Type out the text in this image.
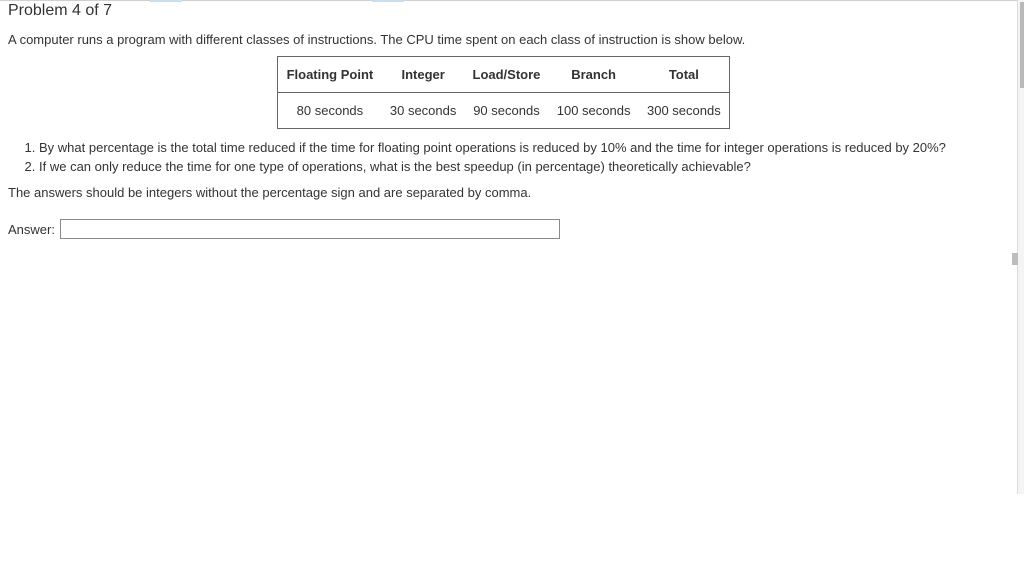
Problem 4 of 7
A computer runs a program with different classes of instructions. The CPU time spent on each class of instruction is show below.
Floating Point	Integer	Load/Store	Branch	Total
80 seconds	30 seconds	90 seconds	100 seconds	300 seconds
1. By what percentage is the total time reduced if the time for floating point operations is reduced by 10% and the time for integer operations is reduced by 20%?
2. If we can only reduce the time for one type of operations, what is the best speedup (in percentage) theoretically achievable?
The answers should be integers without the percentage sign and are separated by comma.
Answer:
